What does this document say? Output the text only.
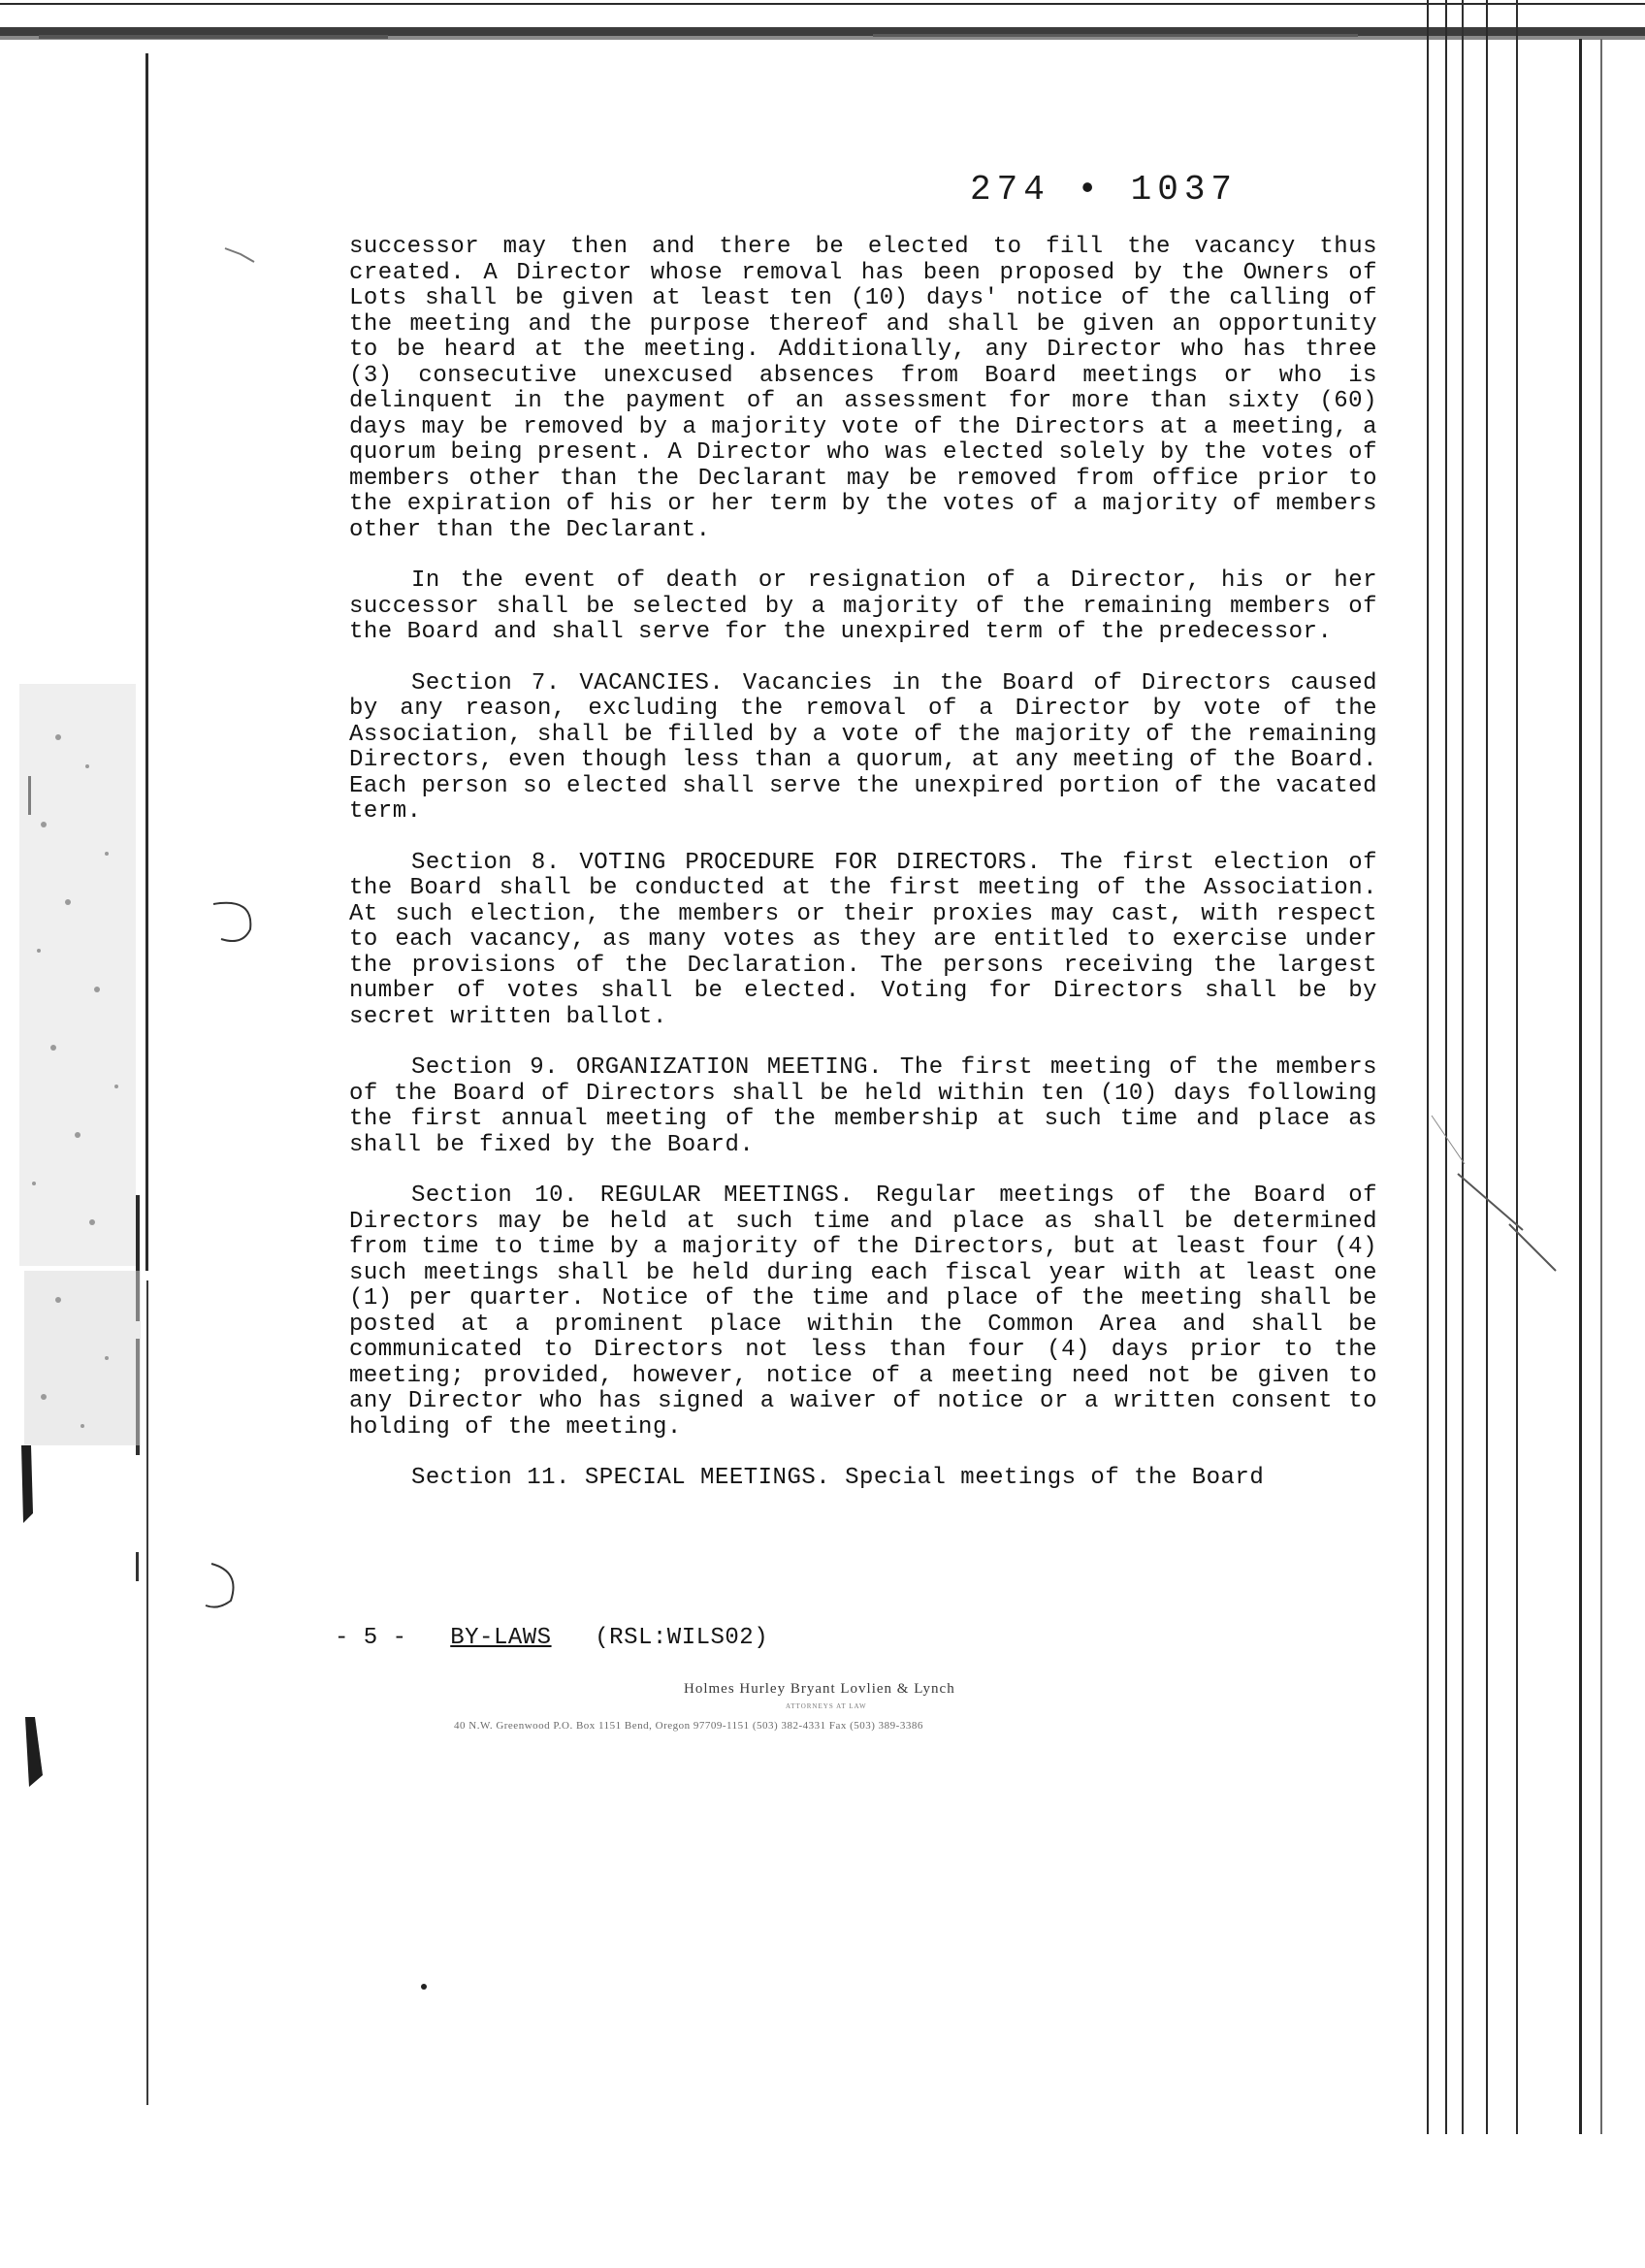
274 • 1037

successor may then and there be elected to fill the vacancy thus created. A Director whose removal has been proposed by the Owners of Lots shall be given at least ten (10) days' notice of the calling of the meeting and the purpose thereof and shall be given an opportunity to be heard at the meeting. Additionally, any Director who has three (3) consecutive unexcused absences from Board meetings or who is delinquent in the payment of an assessment for more than sixty (60) days may be removed by a majority vote of the Directors at a meeting, a quorum being present. A Director who was elected solely by the votes of members other than the Declarant may be removed from office prior to the expiration of his or her term by the votes of a majority of members other than the Declarant.

In the event of death or resignation of a Director, his or her successor shall be selected by a majority of the remaining members of the Board and shall serve for the unexpired term of the predecessor.

Section 7. VACANCIES. Vacancies in the Board of Directors caused by any reason, excluding the removal of a Director by vote of the Association, shall be filled by a vote of the majority of the remaining Directors, even though less than a quorum, at any meeting of the Board. Each person so elected shall serve the unexpired portion of the vacated term.

Section 8. VOTING PROCEDURE FOR DIRECTORS. The first election of the Board shall be conducted at the first meeting of the Association. At such election, the members or their proxies may cast, with respect to each vacancy, as many votes as they are entitled to exercise under the provisions of the Declaration. The persons receiving the largest number of votes shall be elected. Voting for Directors shall be by secret written ballot.

Section 9. ORGANIZATION MEETING. The first meeting of the members of the Board of Directors shall be held within ten (10) days following the first annual meeting of the membership at such time and place as shall be fixed by the Board.

Section 10. REGULAR MEETINGS. Regular meetings of the Board of Directors may be held at such time and place as shall be determined from time to time by a majority of the Directors, but at least four (4) such meetings shall be held during each fiscal year with at least one (1) per quarter. Notice of the time and place of the meeting shall be posted at a prominent place within the Common Area and shall be communicated to Directors not less than four (4) days prior to the meeting; provided, however, notice of a meeting need not be given to any Director who has signed a waiver of notice or a written consent to holding of the meeting.

Section 11. SPECIAL MEETINGS. Special meetings of the Board

- 5 - BY-LAWS (RSL:WILS02)
Holmes Hurley Bryant Lovlien & Lynch
ATTORNEYS AT LAW
40 N.W. Greenwood P.O. Box 1151 Bend, Oregon 97709-1151 (503) 382-4331 Fax (503) 389-3386
